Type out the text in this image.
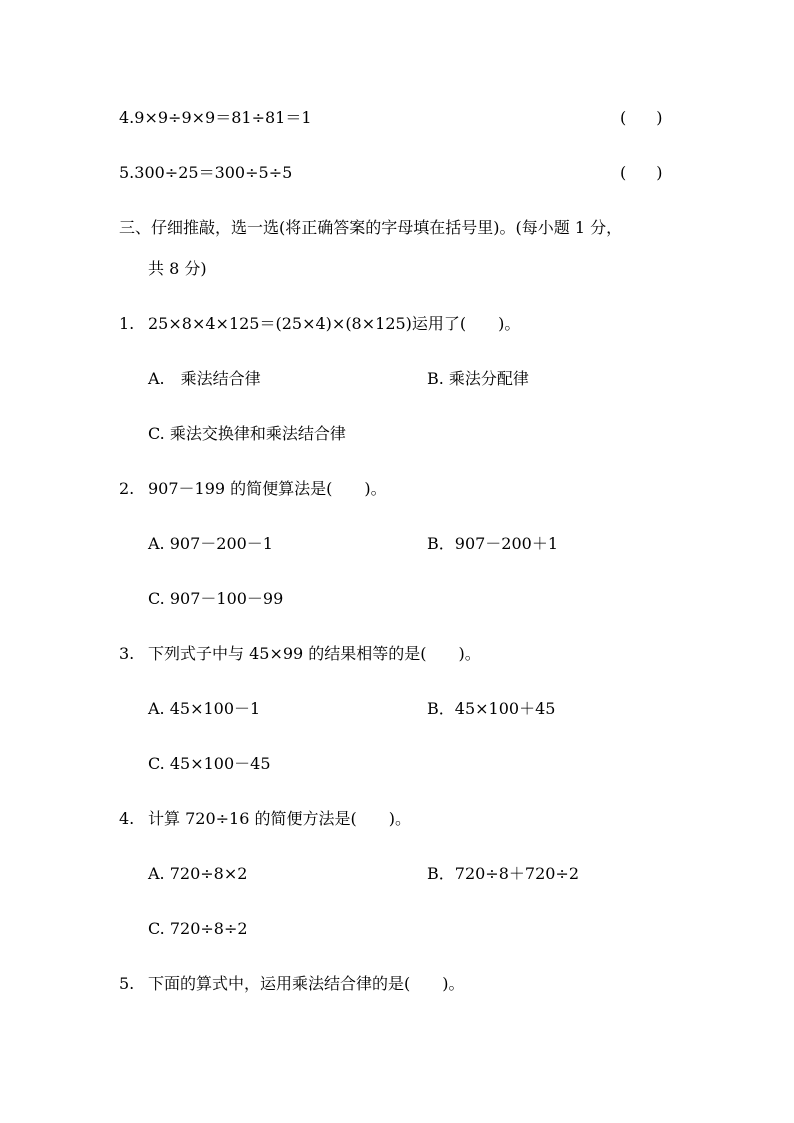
4.9×9÷9×9＝81÷81＝1	( )
5.300÷25＝300÷5÷5	( )
三、仔细推敲，选一选(将正确答案的字母填在括号里)。(每小题 1 分，
共 8 分)
1. 25×8×4×125＝(25×4)×(8×125)运用了(　　)。
A.　乘法结合律	B. 乘法分配律
C. 乘法交换律和乘法结合律
2. 907－199 的简便算法是(　　)。
A. 907－200－1	B．907－200＋1
C. 907－100－99
3. 下列式子中与 45×99 的结果相等的是(　　)。
A. 45×100－1	B．45×100＋45
C. 45×100－45
4. 计算 720÷16 的简便方法是(　　)。
A. 720÷8×2	B．720÷8＋720÷2
C. 720÷8÷2
5. 下面的算式中，运用乘法结合律的是(　　)。
